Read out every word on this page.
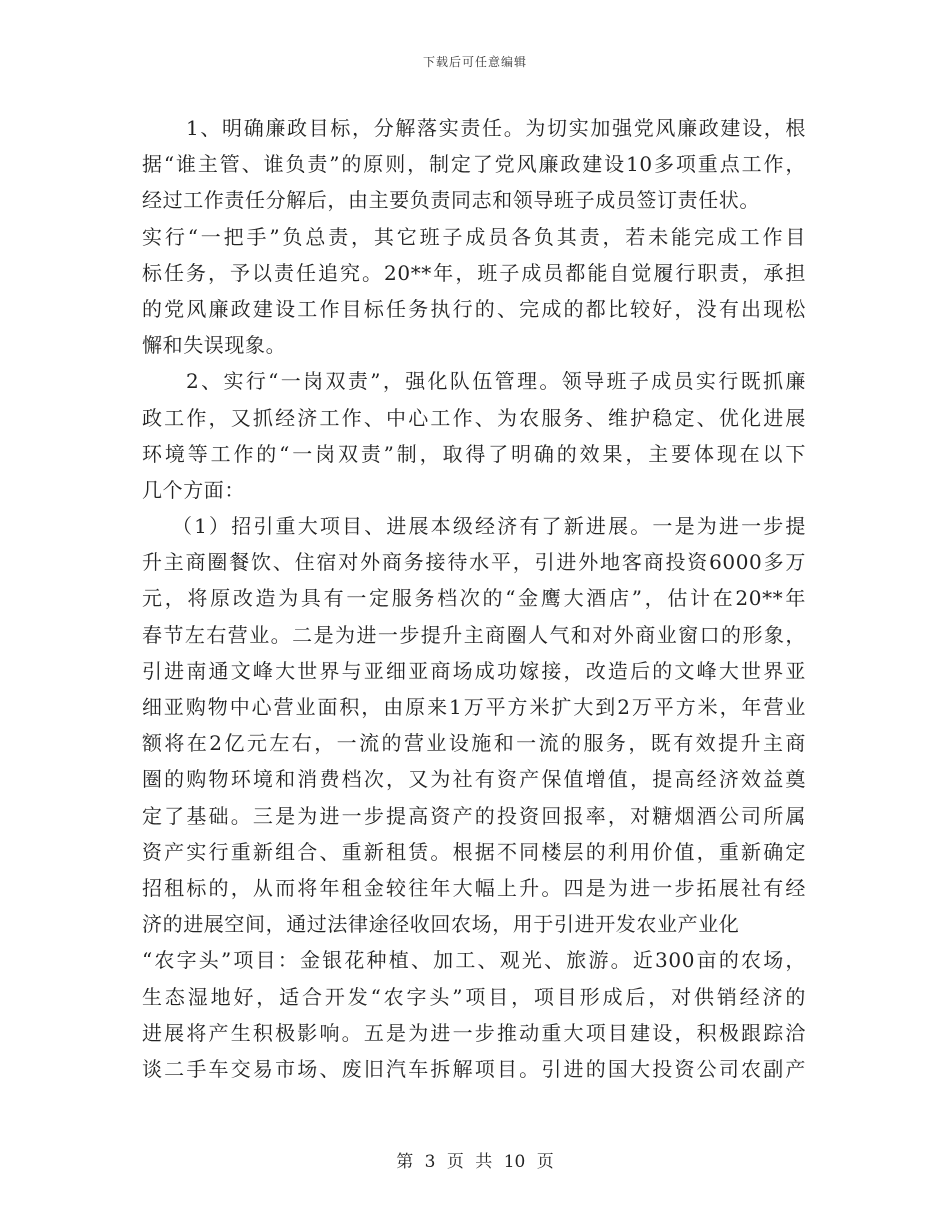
下载后可任意编辑
1、明确廉政目标，分解落实责任。为切实加强党风廉政建设，根
据“谁主管、谁负责”的原则，制定了党风廉政建设10多项重点工作，
经过工作责任分解后，由主要负责同志和领导班子成员签订责任状。
实行“一把手”负总责，其它班子成员各负其责，若未能完成工作目
标任务，予以责任追究。20**年，班子成员都能自觉履行职责，承担
的党风廉政建设工作目标任务执行的、完成的都比较好，没有出现松
懈和失误现象。
2、实行“一岗双责”，强化队伍管理。领导班子成员实行既抓廉
政工作，又抓经济工作、中心工作、为农服务、维护稳定、优化进展
环境等工作的“一岗双责”制，取得了明确的效果，主要体现在以下
几个方面：
（1）招引重大项目、进展本级经济有了新进展。一是为进一步提
升主商圈餐饮、住宿对外商务接待水平，引进外地客商投资6000多万
元，将原改造为具有一定服务档次的“金鹰大酒店”，估计在20**年
春节左右营业。二是为进一步提升主商圈人气和对外商业窗口的形象，
引进南通文峰大世界与亚细亚商场成功嫁接，改造后的文峰大世界亚
细亚购物中心营业面积，由原来1万平方米扩大到2万平方米，年营业
额将在2亿元左右，一流的营业设施和一流的服务，既有效提升主商
圈的购物环境和消费档次，又为社有资产保值增值，提高经济效益奠
定了基础。三是为进一步提高资产的投资回报率，对糖烟酒公司所属
资产实行重新组合、重新租赁。根据不同楼层的利用价值，重新确定
招租标的，从而将年租金较往年大幅上升。四是为进一步拓展社有经
济的进展空间，通过法律途径收回农场，用于引进开发农业产业化
“农字头”项目：金银花种植、加工、观光、旅游。近300亩的农场，
生态湿地好，适合开发“农字头”项目，项目形成后，对供销经济的
进展将产生积极影响。五是为进一步推动重大项目建设，积极跟踪洽
谈二手车交易市场、废旧汽车拆解项目。引进的国大投资公司农副产
第 3 页 共 10 页
